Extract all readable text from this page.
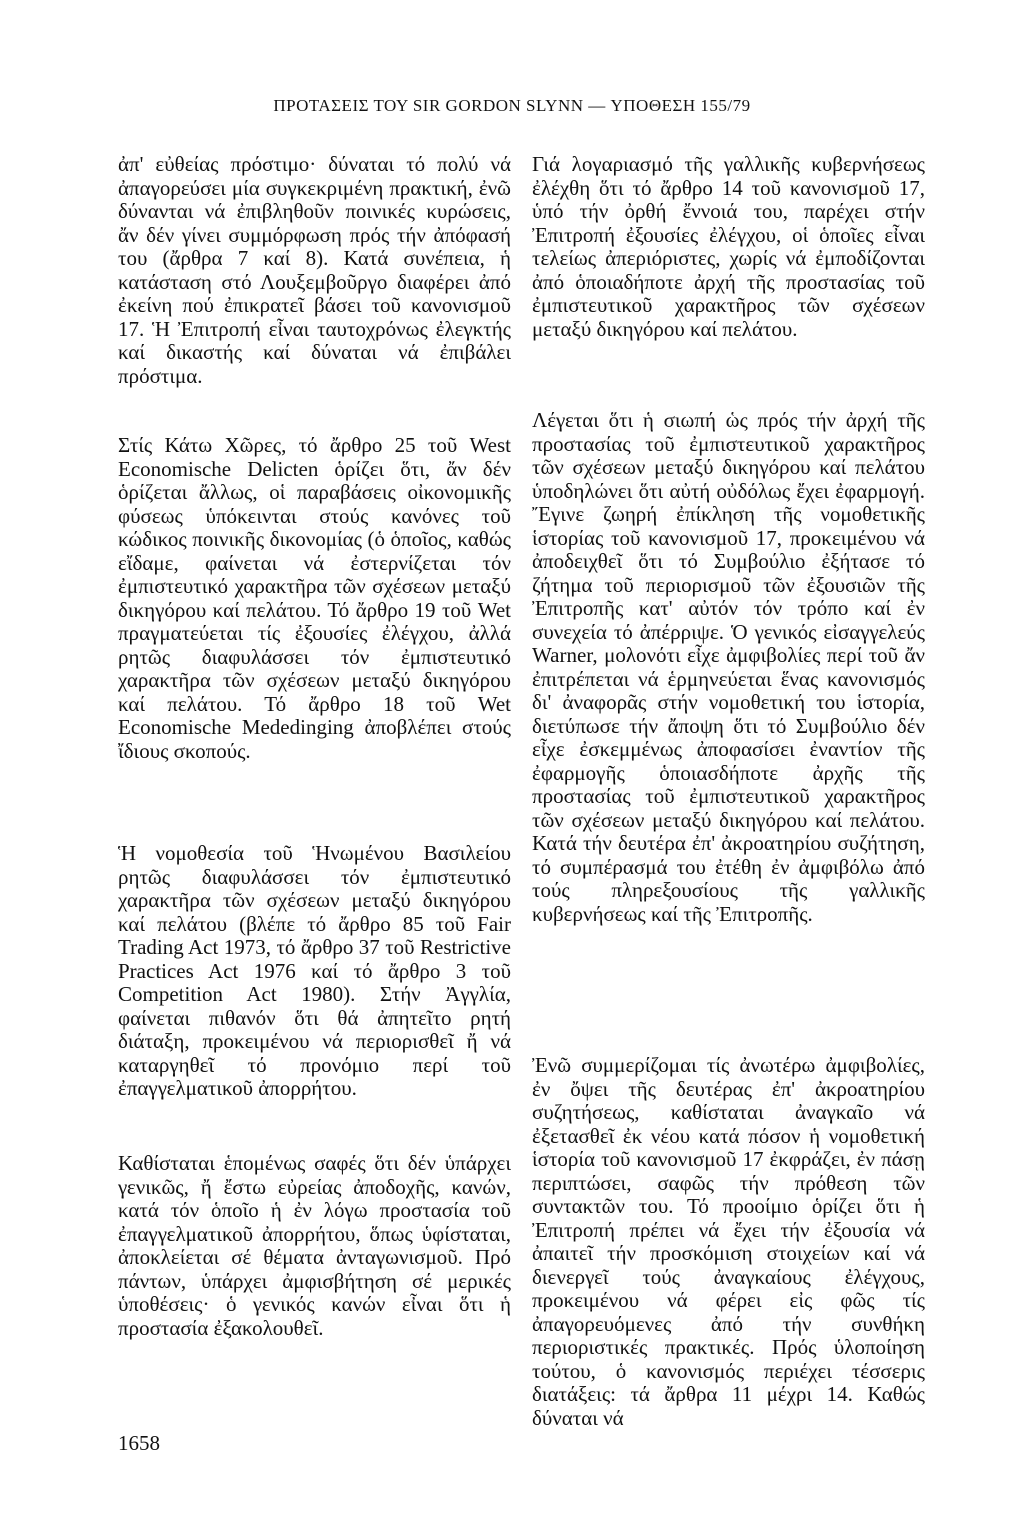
ΠΡΟΤΑΣΕΙΣ ΤΟΥ SIR GORDON SLYNN — ΥΠΟΘΕΣΗ 155/79

ἀπ' εὐθείας πρόστιμο· δύναται τό πολύ νά ἀπαγορεύσει μία συγκεκριμένη πρακτική, ἐνῶ δύνανται νά ἐπιβληθοῦν ποινικές κυρώσεις, ἄν δέν γίνει συμμόρφωση πρός τήν ἀπόφασή του (ἄρθρα 7 καί 8). Κατά συνέπεια, ἡ κατάσταση στό Λουξεμβοῦργο διαφέρει ἀπό ἐκείνη πού ἐπικρατεῖ βάσει τοῦ κανονισμοῦ 17. Ἡ Ἐπιτροπή εἶναι ταυτοχρόνως ἐλεγκτής καί δικαστής καί δύναται νά ἐπιβάλει πρόστιμα.

Στίς Κάτω Χῶρες, τό ἄρθρο 25 τοῦ West Economische Delicten ὁρίζει ὅτι, ἄν δέν ὁρίζεται ἄλλως, οἱ παραβάσεις οἰκονομικῆς φύσεως ὑπόκεινται στούς κανόνες τοῦ κώδικος ποινικῆς δικονομίας (ὁ ὁποῖος, καθώς εἴδαμε, φαίνεται νά ἐστερνίζεται τόν ἐμπιστευτικό χαρακτῆρα τῶν σχέσεων μεταξύ δικηγόρου καί πελάτου. Τό ἄρθρο 19 τοῦ Wet πραγματεύεται τίς ἐξουσίες ἐλέγχου, ἀλλά ρητῶς διαφυλάσσει τόν ἐμπιστευτικό χαρακτῆρα τῶν σχέσεων μεταξύ δικηγόρου καί πελάτου. Τό ἄρθρο 18 τοῦ Wet Economische Mededinging ἀποβλέπει στούς ἴδιους σκοπούς.

Ἡ νομοθεσία τοῦ Ἡνωμένου Βασιλείου ρητῶς διαφυλάσσει τόν ἐμπιστευτικό χαρακτῆρα τῶν σχέσεων μεταξύ δικηγόρου καί πελάτου (βλέπε τό ἄρθρο 85 τοῦ Fair Trading Act 1973, τό ἄρθρο 37 τοῦ Restrictive Practices Act 1976 καί τό ἄρθρο 3 τοῦ Competition Act 1980). Στήν Ἀγγλία, φαίνεται πιθανόν ὅτι θά ἀπητεῖτο ρητή διάταξη, προκειμένου νά περιορισθεῖ ἤ νά καταργηθεῖ τό προνόμιο περί τοῦ ἐπαγγελματικοῦ ἀπορρήτου.

Καθίσταται ἑπομένως σαφές ὅτι δέν ὑπάρχει γενικῶς, ἤ ἔστω εὐρείας ἀποδοχῆς, κανών, κατά τόν ὁποῖο ἡ ἐν λόγω προστασία τοῦ ἐπαγγελματικοῦ ἀπορρήτου, ὅπως ὑφίσταται, ἀποκλείεται σέ θέματα ἀνταγωνισμοῦ. Πρό πάντων, ὑπάρχει ἀμφισβήτηση σέ μερικές ὑποθέσεις· ὁ γενικός κανών εἶναι ὅτι ἡ προστασία ἐξακολουθεῖ.

Γιά λογαριασμό τῆς γαλλικῆς κυβερνήσεως ἐλέχθη ὅτι τό ἄρθρο 14 τοῦ κανονισμοῦ 17, ὑπό τήν ὀρθή ἔννοιά του, παρέχει στήν Ἐπιτροπή ἐξουσίες ἐλέγχου, οἱ ὁποῖες εἶναι τελείως ἀπεριόριστες, χωρίς νά ἐμποδίζονται ἀπό ὁποιαδήποτε ἀρχή τῆς προστασίας τοῦ ἐμπιστευτικοῦ χαρακτῆρος τῶν σχέσεων μεταξύ δικηγόρου καί πελάτου.

Λέγεται ὅτι ἡ σιωπή ὡς πρός τήν ἀρχή τῆς προστασίας τοῦ ἐμπιστευτικοῦ χαρακτῆρος τῶν σχέσεων μεταξύ δικηγόρου καί πελάτου ὑποδηλώνει ὅτι αὐτή οὐδόλως ἔχει ἐφαρμογή. Ἔγινε ζωηρή ἐπίκληση τῆς νομοθετικῆς ἱστορίας τοῦ κανονισμοῦ 17, προκειμένου νά ἀποδειχθεῖ ὅτι τό Συμβούλιο ἐξήτασε τό ζήτημα τοῦ περιορισμοῦ τῶν ἐξουσιῶν τῆς Ἐπιτροπῆς κατ' αὐτόν τόν τρόπο καί ἐν συνεχεία τό ἀπέρριψε. Ὁ γενικός εἰσαγγελεύς Warner, μολονότι εἶχε ἀμφιβολίες περί τοῦ ἄν ἐπιτρέπεται νά ἑρμηνεύεται ἕνας κανονισμός δι' ἀναφορᾶς στήν νομοθετική του ἱστορία, διετύπωσε τήν ἄποψη ὅτι τό Συμβούλιο δέν εἶχε ἐσκεμμένως ἀποφασίσει ἐναντίον τῆς ἐφαρμογῆς ὁποιασδήποτε ἀρχῆς τῆς προστασίας τοῦ ἐμπιστευτικοῦ χαρακτῆρος τῶν σχέσεων μεταξύ δικηγόρου καί πελάτου. Κατά τήν δευτέρα ἐπ' ἀκροατηρίου συζήτηση, τό συμπέρασμά του ἐτέθη ἐν ἀμφιβόλω ἀπό τούς πληρεξουσίους τῆς γαλλικῆς κυβερνήσεως καί τῆς Ἐπιτροπῆς.

Ἐνῶ συμμερίζομαι τίς ἀνωτέρω ἀμφιβολίες, ἐν ὄψει τῆς δευτέρας ἐπ' ἀκροατηρίου συζητήσεως, καθίσταται ἀναγκαῖο νά ἐξετασθεῖ ἐκ νέου κατά πόσον ἡ νομοθετική ἱστορία τοῦ κανονισμοῦ 17 ἐκφράζει, ἐν πάσῃ περιπτώσει, σαφῶς τήν πρόθεση τῶν συντακτῶν του. Τό προοίμιο ὁρίζει ὅτι ἡ Ἐπιτροπή πρέπει νά ἔχει τήν ἐξουσία νά ἀπαιτεῖ τήν προσκόμιση στοιχείων καί νά διενεργεῖ τούς ἀναγκαίους ἐλέγχους, προκειμένου νά φέρει εἰς φῶς τίς ἀπαγορευόμενες ἀπό τήν συνθήκη περιοριστικές πρακτικές. Πρός ὑλοποίηση τούτου, ὁ κανονισμός περιέχει τέσσερις διατάξεις: τά ἄρθρα 11 μέχρι 14. Καθώς δύναται νά

1658
